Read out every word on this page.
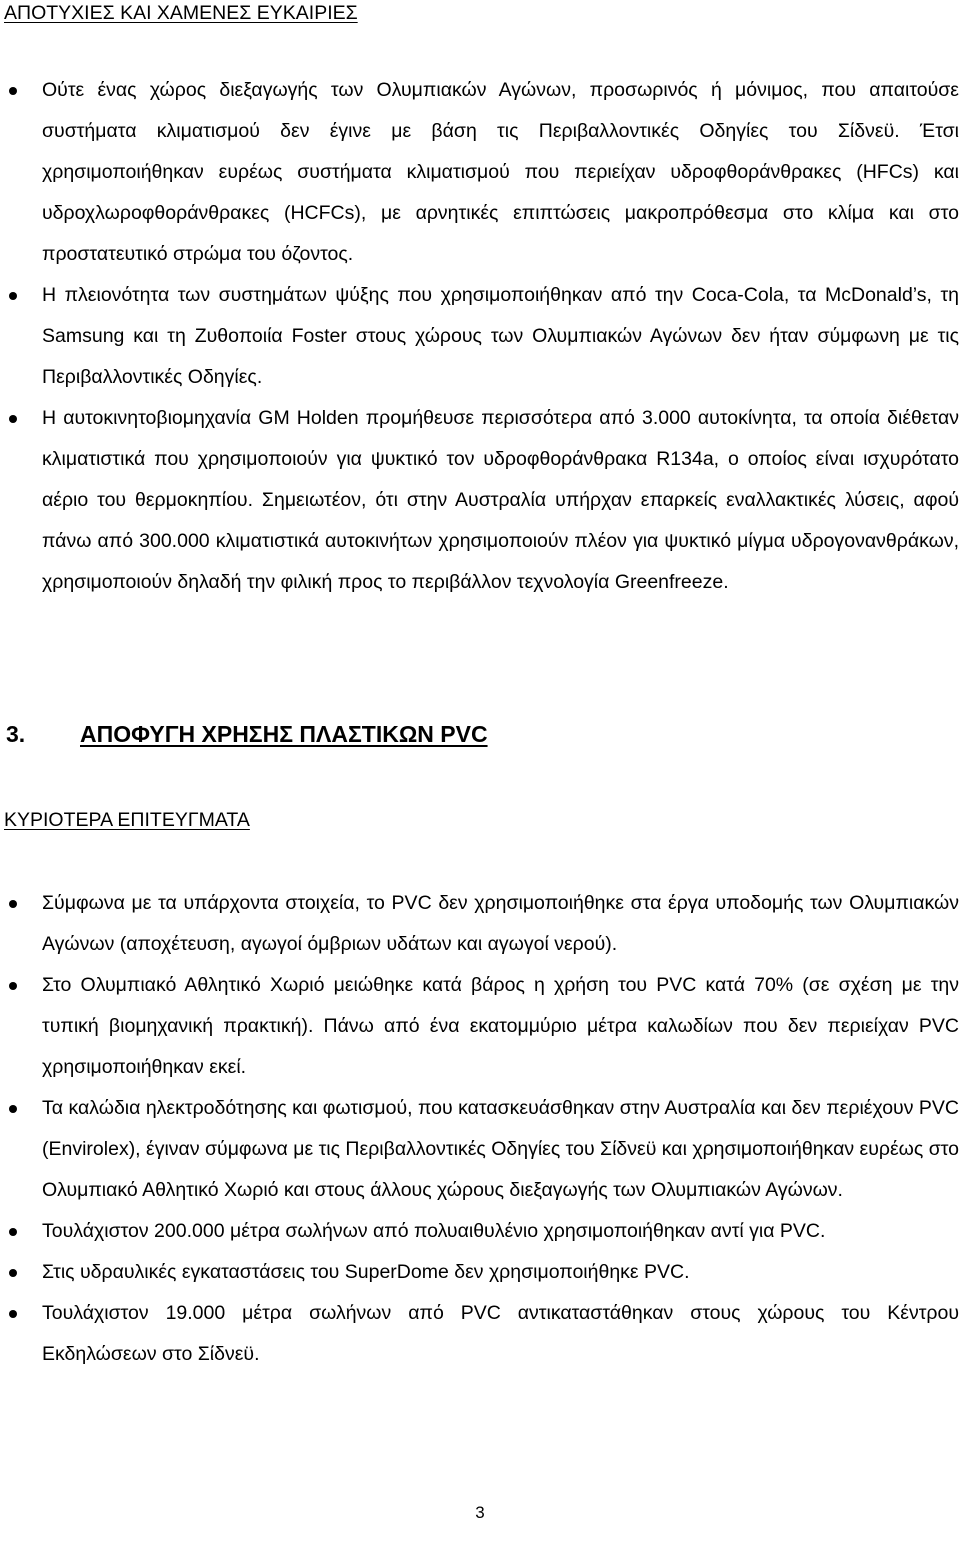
ΑΠΟΤΥΧΙΕΣ ΚΑΙ ΧΑΜΕΝΕΣ ΕΥΚΑΙΡΙΕΣ
Ούτε ένας χώρος διεξαγωγής των Ολυμπιακών Αγώνων, προσωρινός ή μόνιμος, που απαιτούσε συστήματα κλιματισμού δεν έγινε με βάση τις Περιβαλλοντικές Οδηγίες του Σίδνεϋ. Έτσι χρησιμοποιήθηκαν ευρέως συστήματα κλιματισμού που περιείχαν υδροφθοράνθρακες (HFCs) και υδροχλωροφθοράνθρακες (HCFCs), με αρνητικές επιπτώσεις μακροπρόθεσμα στο κλίμα και στο προστατευτικό στρώμα του όζοντος.
Η πλειονότητα των συστημάτων ψύξης που χρησιμοποιήθηκαν από την Coca-Cola, τα McDonald’s, τη Samsung και τη Ζυθοποιία Foster στους χώρους των Ολυμπιακών Αγώνων δεν ήταν σύμφωνη με τις Περιβαλλοντικές Οδηγίες.
Η αυτοκινητοβιομηχανία GM Holden προμήθευσε περισσότερα από 3.000 αυτοκίνητα, τα οποία διέθεταν κλιματιστικά που χρησιμοποιούν για ψυκτικό τον υδροφθοράνθρακα R134a, ο οποίος είναι ισχυρότατο αέριο του θερμοκηπίου. Σημειωτέον, ότι στην Αυστραλία υπήρχαν επαρκείς εναλλακτικές λύσεις, αφού πάνω από 300.000 κλιματιστικά αυτοκινήτων χρησιμοποιούν πλέον για ψυκτικό μίγμα υδρογονανθράκων, χρησιμοποιούν δηλαδή την φιλική προς το περιβάλλον τεχνολογία Greenfreeze.
3. ΑΠΟΦΥΓΗ ΧΡΗΣΗΣ ΠΛΑΣΤΙΚΩΝ PVC
ΚΥΡΙΟΤΕΡΑ ΕΠΙΤΕΥΓΜΑΤΑ
Σύμφωνα με τα υπάρχοντα στοιχεία, το PVC δεν χρησιμοποιήθηκε στα έργα υποδομής των Ολυμπιακών Αγώνων (αποχέτευση, αγωγοί όμβριων υδάτων και αγωγοί νερού).
Στο Ολυμπιακό Αθλητικό Χωριό μειώθηκε κατά βάρος η χρήση του PVC κατά 70% (σε σχέση με την τυπική βιομηχανική πρακτική). Πάνω από ένα εκατομμύριο μέτρα καλωδίων που δεν περιείχαν PVC χρησιμοποιήθηκαν εκεί.
Τα καλώδια ηλεκτροδότησης και φωτισμού, που κατασκευάσθηκαν στην Αυστραλία και δεν περιέχουν PVC (Envirolex), έγιναν σύμφωνα με τις Περιβαλλοντικές Οδηγίες του Σίδνεϋ και χρησιμοποιήθηκαν ευρέως στο Ολυμπιακό Αθλητικό Χωριό και στους άλλους χώρους διεξαγωγής των Ολυμπιακών Αγώνων.
Τουλάχιστον 200.000 μέτρα σωλήνων από πολυαιθυλένιο χρησιμοποιήθηκαν αντί για PVC.
Στις υδραυλικές εγκαταστάσεις του SuperDome δεν χρησιμοποιήθηκε PVC.
Τουλάχιστον 19.000 μέτρα σωλήνων από PVC αντικαταστάθηκαν στους χώρους του Κέντρου Εκδηλώσεων στο Σίδνεϋ.
3
